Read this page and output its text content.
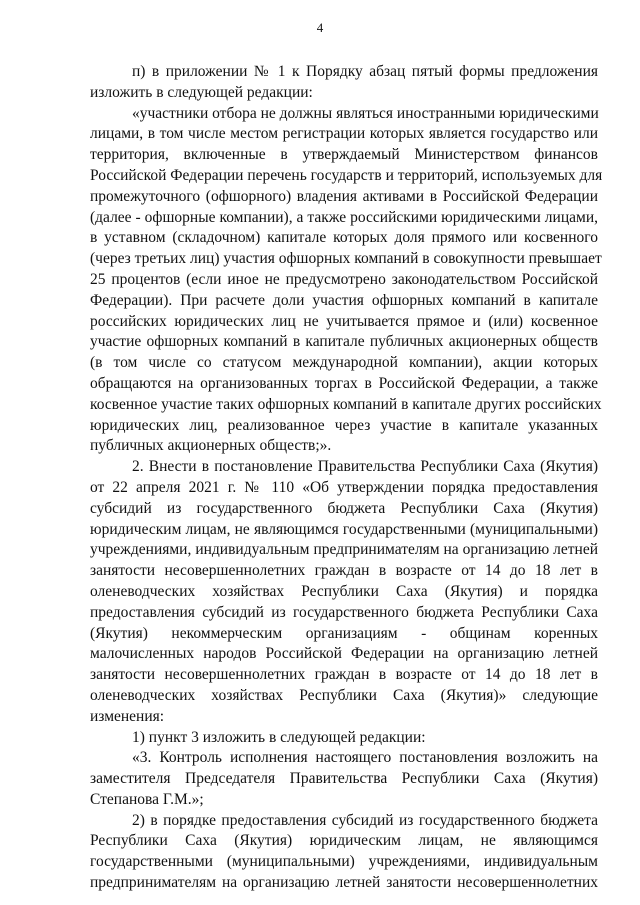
4
п) в приложении № 1 к Порядку абзац пятый формы предложения
изложить в следующей редакции:
«участники отбора не должны являться иностранными юридическими
лицами, в том числе местом регистрации которых является государство или
территория, включенные в утверждаемый Министерством финансов
Российской Федерации перечень государств и территорий, используемых для
промежуточного (офшорного) владения активами в Российской Федерации
(далее - офшорные компании), а также российскими юридическими лицами,
в уставном (складочном) капитале которых доля прямого или косвенного
(через третьих лиц) участия офшорных компаний в совокупности превышает
25 процентов (если иное не предусмотрено законодательством Российской
Федерации). При расчете доли участия офшорных компаний в капитале
российских юридических лиц не учитывается прямое и (или) косвенное
участие офшорных компаний в капитале публичных акционерных обществ
(в том числе со статусом международной компании), акции которых
обращаются на организованных торгах в Российской Федерации, а также
косвенное участие таких офшорных компаний в капитале других российских
юридических лиц, реализованное через участие в капитале указанных
публичных акционерных обществ;».
2. Внести в постановление Правительства Республики Саха (Якутия)
от 22 апреля 2021 г. № 110 «Об утверждении порядка предоставления
субсидий из государственного бюджета Республики Саха (Якутия)
юридическим лицам, не являющимся государственными (муниципальными)
учреждениями, индивидуальным предпринимателям на организацию летней
занятости несовершеннолетних граждан в возрасте от 14 до 18 лет в
оленеводческих хозяйствах Республики Саха (Якутия) и порядка
предоставления субсидий из государственного бюджета Республики Саха
(Якутия) некоммерческим организациям - общинам коренных
малочисленных народов Российской Федерации на организацию летней
занятости несовершеннолетних граждан в возрасте от 14 до 18 лет в
оленеводческих хозяйствах Республики Саха (Якутия)» следующие
изменения:
1) пункт 3 изложить в следующей редакции:
«3. Контроль исполнения настоящего постановления возложить на
заместителя Председателя Правительства Республики Саха (Якутия)
Степанова Г.М.»;
2) в порядке предоставления субсидий из государственного бюджета
Республики Саха (Якутия) юридическим лицам, не являющимся
государственными (муниципальными) учреждениями, индивидуальным
предпринимателям на организацию летней занятости несовершеннолетних
